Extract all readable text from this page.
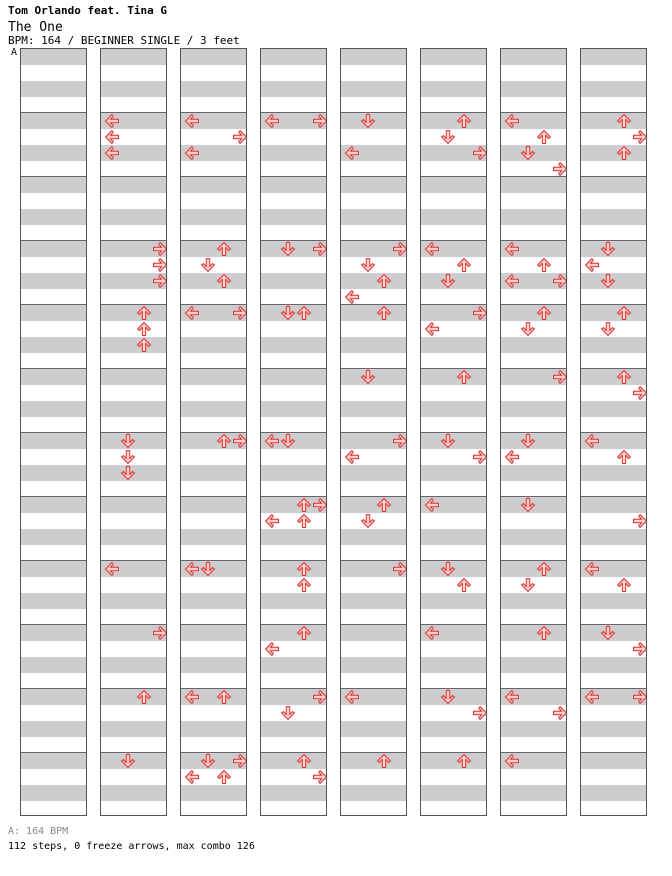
Tom Orlando feat. Tina G
The One
BPM: 164 / BEGINNER SINGLE / 3 feet
A
A: 164 BPM
112 steps, 0 freeze arrows, max combo 126
